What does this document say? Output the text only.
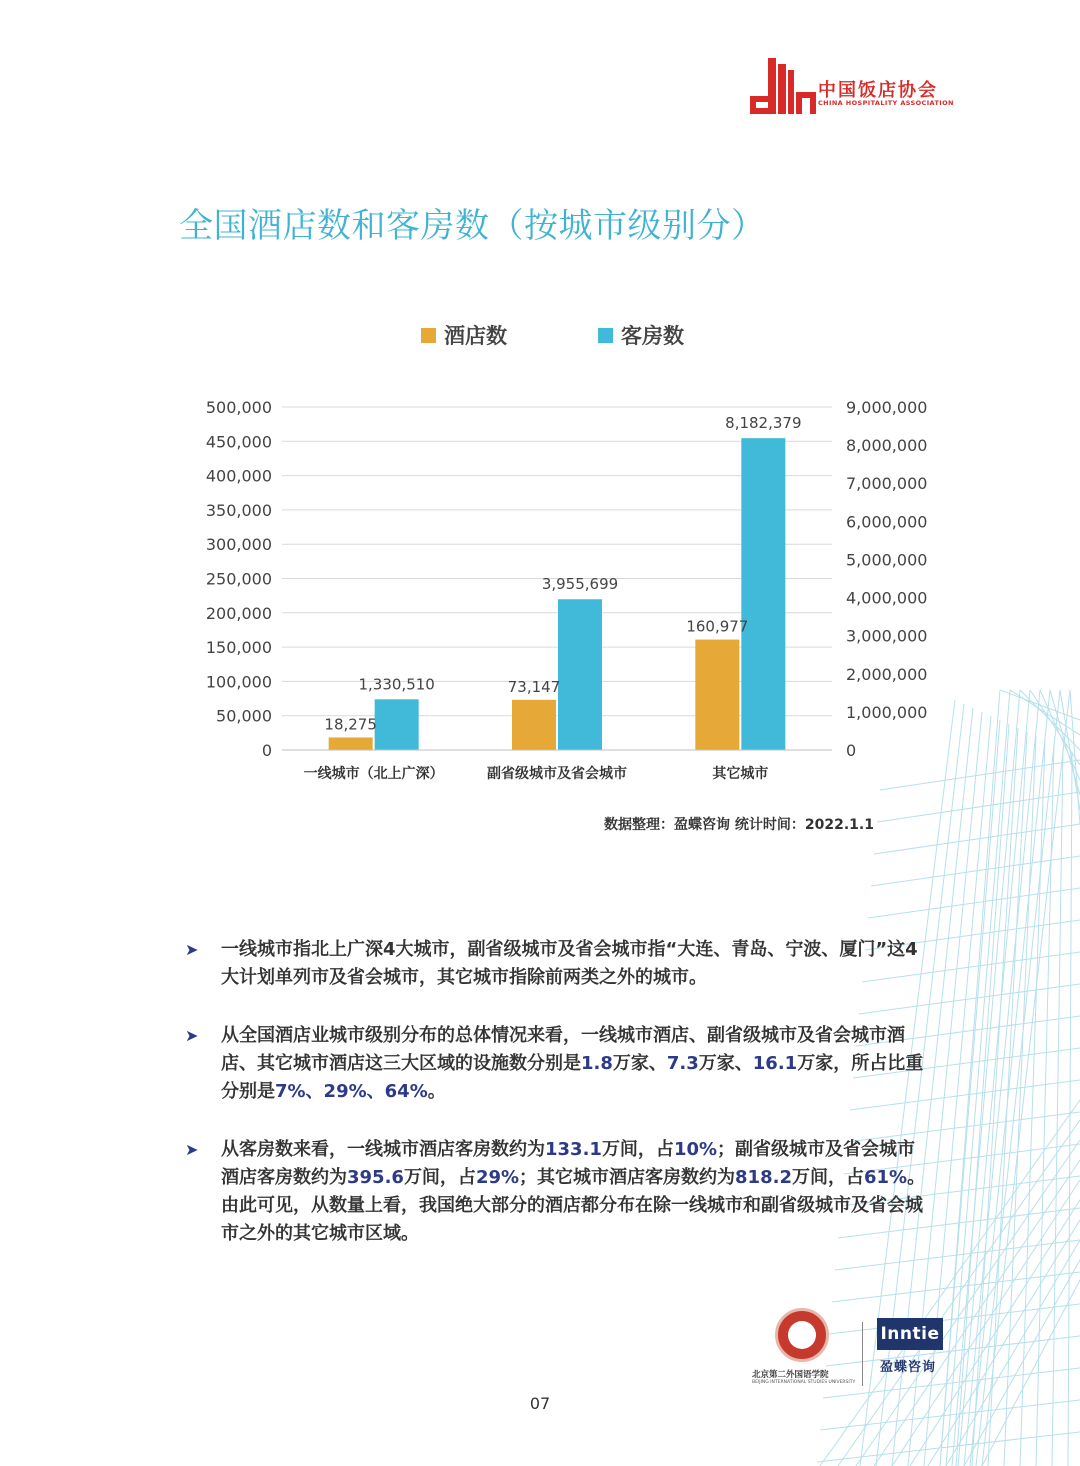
中国饭店协会
CHINA HOSPITALITY ASSOCIATION
全国酒店数和客房数（按城市级别分）
酒店数	客房数
500,000
450,000
400,000
350,000
300,000
250,000
200,000
150,000
100,000
50,000
0
9,000,000
8,000,000
7,000,000
6,000,000
5,000,000
4,000,000
3,000,000
2,000,000
1,000,000
0
18,275
1,330,510
一线城市（北上广深）
73,147
3,955,699
副省级城市及省会城市
160,977
8,182,379
其它城市
数据整理：盈蝶咨询 统计时间：2022.1.1
➤ 一线城市指北上广深4大城市，副省级城市及省会城市指“大连、青岛、宁波、厦门”这4大计划单列市及省会城市，其它城市指除前两类之外的城市。
➤ 从全国酒店业城市级别分布的总体情况来看，一线城市酒店、副省级城市及省会城市酒店、其它城市酒店这三大区域的设施数分别是1.8万家、7.3万家、16.1万家，所占比重分别是7%、29%、64%。
➤ 从客房数来看，一线城市酒店客房数约为133.1万间，占10%；副省级城市及省会城市酒店客房数约为395.6万间，占29%；其它城市酒店客房数约为818.2万间，占61%。由此可见，从数量上看，我国绝大部分的酒店都分布在除一线城市和副省级城市及省会城市之外的其它城市区域。
北京第二外国语学院
BEIJING INTERNATIONAL STUDIES UNIVERSITY
Inntie
盈蝶咨询
07
